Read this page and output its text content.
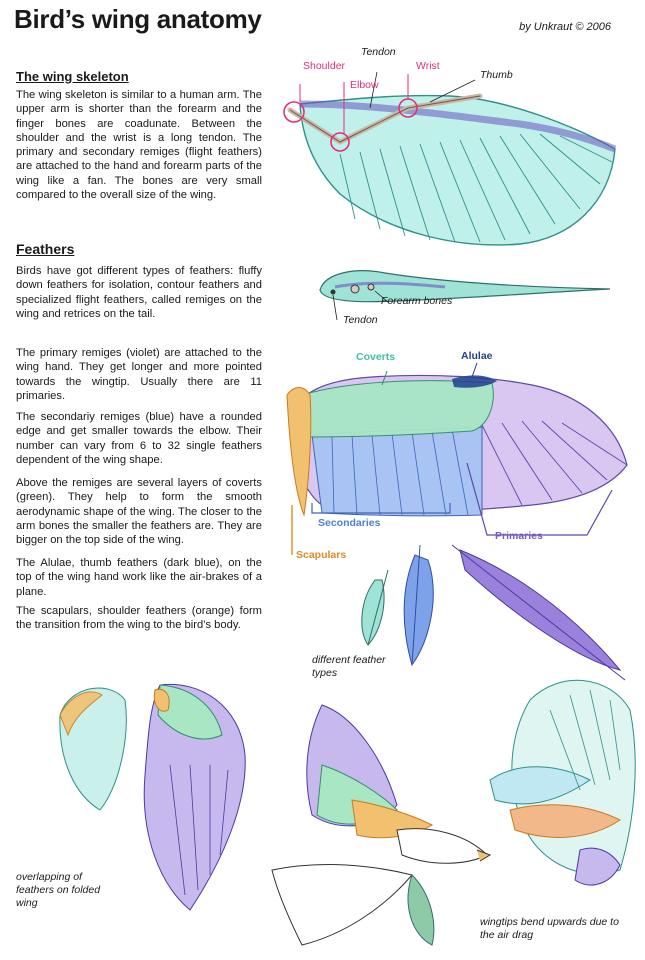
Bird’s wing anatomy	by Unkraut © 2006
The wing skeleton
The wing skeleton is similar to a human arm. The upper arm is shorter than the forearm and the finger bones are coadunate. Between the shoulder and the wrist is a long tendon. The primary and secondary remiges (flight feathers) are attached to the hand and forearm parts of the wing like a fan. The bones are very small compared to the overall size of the wing.
Feathers
Birds have got different types of feathers: fluffy down feathers for isolation, contour feathers and specialized flight feathers, called remiges on the wing and retrices on the tail.
The primary remiges (violet) are attached to the wing hand. They get longer and more pointed towards the wingtip. Usually there are 11 primaries.
The secondariy remiges (blue) have a rounded edge and get smaller towards the elbow. Their number can vary from 6 to 32 single feathers dependent of the wing shape.
Above the remiges are several layers of coverts (green). They help to form the smooth aerodynamic shape of the wing. The closer to the arm bones the smaller the feathers are. They are bigger on the top side of the wing.
The Alulae, thumb feathers (dark blue), on the top of the wing hand work like the air-brakes of a plane.
The scapulars, shoulder feathers (orange) form the transition from the wing to the bird’s body.
Tendon
Shoulder	Wrist
Elbow
Thumb
Forearm bones
Tendon
Coverts	Alulae
Secondaries
Primaries
Scapulars
different feather types
overlapping of feathers on folded wing
wingtips bend upwards due to the air drag
